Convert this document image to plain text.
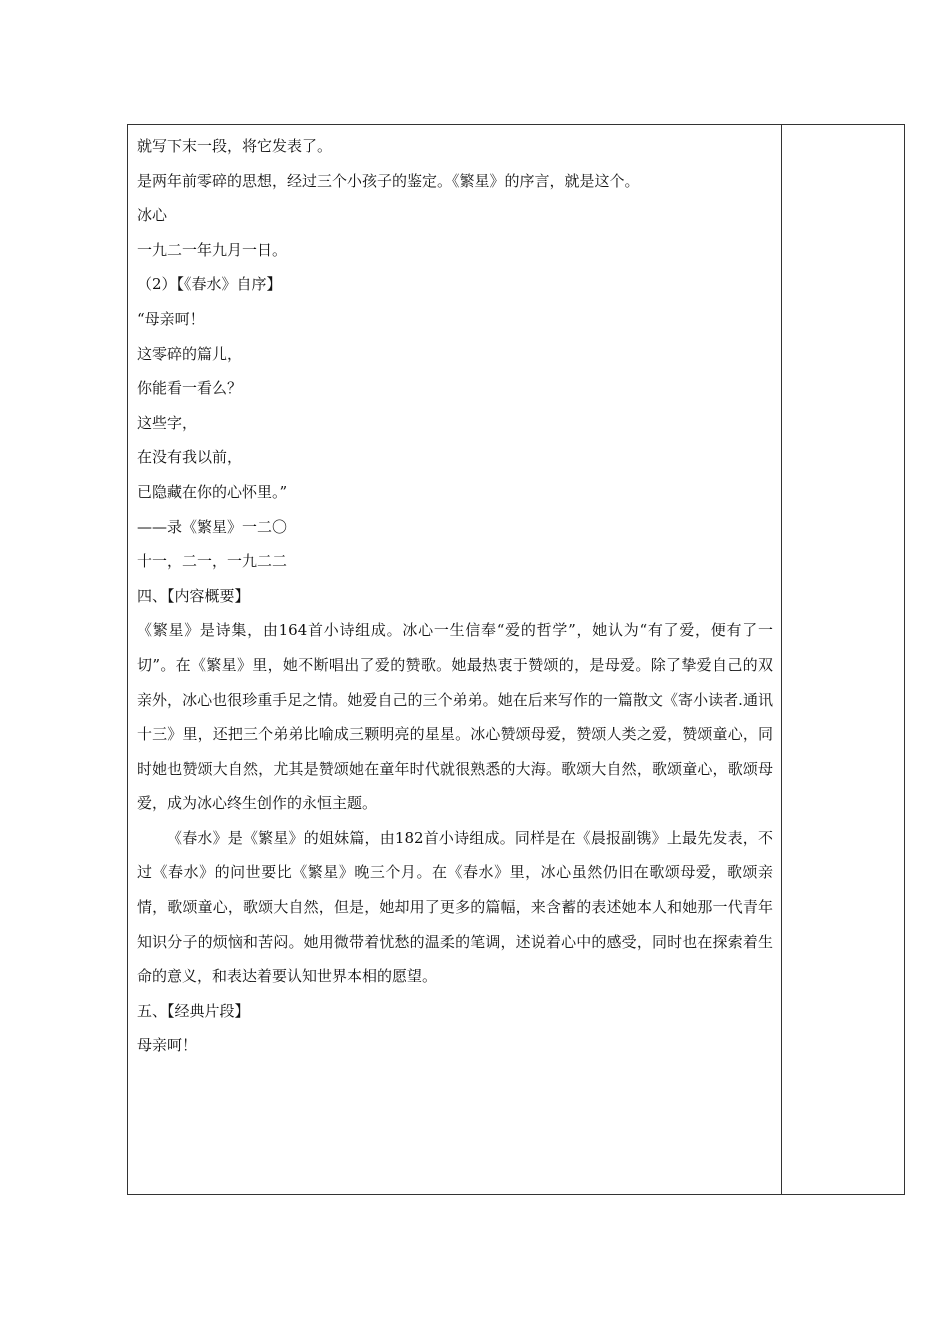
就写下末一段，将它发表了。
是两年前零碎的思想，经过三个小孩子的鉴定。《繁星》的序言，就是这个。
冰心
一九二一年九月一日。
（2）【《春水》自序】
“母亲呵！
这零碎的篇儿，
你能看一看么？
这些字，
在没有我以前，
已隐藏在你的心怀里。”
——录《繁星》一二〇
十一，二一，一九二二
四、【内容概要】
《繁星》是诗集，由164首小诗组成。冰心一生信奉“爱的哲学”，她认为“有了爱，便有了一切”。在《繁星》里，她不断唱出了爱的赞歌。她最热衷于赞颂的，是母爱。除了挚爱自己的双亲外，冰心也很珍重手足之情。她爱自己的三个弟弟。她在后来写作的一篇散文《寄小读者.通讯十三》里，还把三个弟弟比喻成三颗明亮的星星。冰心赞颂母爱，赞颂人类之爱，赞颂童心，同时她也赞颂大自然，尤其是赞颂她在童年时代就很熟悉的大海。歌颂大自然，歌颂童心，歌颂母爱，成为冰心终生创作的永恒主题。
《春水》是《繁星》的姐妹篇，由182首小诗组成。同样是在《晨报副镌》上最先发表，不过《春水》的问世要比《繁星》晚三个月。在《春水》里，冰心虽然仍旧在歌颂母爱，歌颂亲情，歌颂童心，歌颂大自然，但是，她却用了更多的篇幅，来含蓄的表述她本人和她那一代青年知识分子的烦恼和苦闷。她用微带着忧愁的温柔的笔调，述说着心中的感受，同时也在探索着生命的意义，和表达着要认知世界本相的愿望。
五、【经典片段】
母亲呵！
